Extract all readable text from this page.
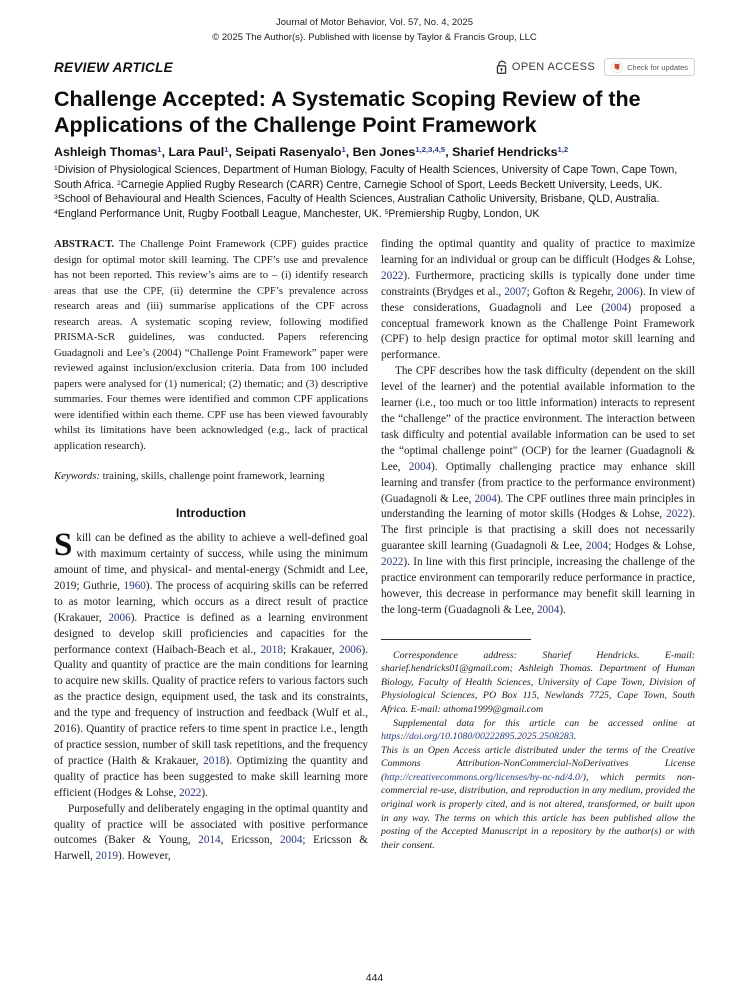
Journal of Motor Behavior, Vol. 57, No. 4, 2025
© 2025 The Author(s). Published with license by Taylor & Francis Group, LLC
REVIEW ARTICLE	OPEN ACCESS	Check for updates
Challenge Accepted: A Systematic Scoping Review of the Applications of the Challenge Point Framework
Ashleigh Thomas$^1$, Lara Paul$^1$, Seipati Rasenyalo$^1$, Ben Jones$^{1,2,3,4,5}$, Sharief Hendricks$^{1,2}$
$^1$Division of Physiological Sciences, Department of Human Biology, Faculty of Health Sciences, University of Cape Town, Cape Town, South Africa. $^2$Carnegie Applied Rugby Research (CARR) Centre, Carnegie School of Sport, Leeds Beckett University, Leeds, UK. $^3$School of Behavioural and Health Sciences, Faculty of Health Sciences, Australian Catholic University, Brisbane, QLD, Australia. $^4$England Performance Unit, Rugby Football League, Manchester, UK. $^5$Premiership Rugby, London, UK

ABSTRACT. The Challenge Point Framework (CPF) guides practice design for optimal motor skill learning. The CPF’s use and prevalence has not been reported. This review’s aims are to – (i) identify research areas that use the CPF, (ii) determine the CPF’s prevalence across research areas and (iii) summarise applications of the CPF across research areas. A systematic scoping review, following modified PRISMA-ScR guidelines, was conducted. Papers referencing Guadagnoli and Lee’s (2004) “Challenge Point Framework” paper were reviewed against inclusion/exclusion criteria. Data from 100 included papers were analysed for (1) numerical; (2) thematic; and (3) descriptive summaries. Four themes were identified and common CPF applications were identified within each theme. CPF use has been viewed favourably whilst its limitations have been acknowledged (e.g., lack of practical application research).

Keywords: training, skills, challenge point framework, learning

Introduction

Skill can be defined as the ability to achieve a well-defined goal with maximum certainty of success, while using the minimum amount of time, and physical- and mental-energy (Schmidt and Lee, 2019; Guthrie, 1960). The process of acquiring skills can be referred to as motor learning, which occurs as a direct result of practice (Krakauer, 2006). Practice is defined as a learning environment designed to develop skill proficiencies and capacities for the performance context (Haibach-Beach et al., 2018; Krakauer, 2006). Quality and quantity of practice are the main conditions for learning to acquire new skills. Quality of practice refers to various factors such as the practice design, equipment used, the task and its constraints, and the type and frequency of instruction and feedback (Wulf et al., 2016). Quantity of practice refers to time spent in practice i.e., length of practice session, number of skill task repetitions, and the frequency of practice (Haith & Krakauer, 2018). Optimizing the quantity and quality of practice has been suggested to make skill learning more efficient (Hodges & Lohse, 2022).

Purposefully and deliberately engaging in the optimal quantity and quality of practice will be associated with positive performance outcomes (Baker & Young, 2014, Ericsson, 2004; Ericsson & Harwell, 2019). However,

finding the optimal quantity and quality of practice to maximize learning for an individual or group can be difficult (Hodges & Lohse, 2022). Furthermore, practicing skills is typically done under time constraints (Brydges et al., 2007; Gofton & Regehr, 2006). In view of these considerations, Guadagnoli and Lee (2004) proposed a conceptual framework known as the Challenge Point Framework (CPF) to help design practice for optimal motor skill learning and performance.

The CPF describes how the task difficulty (dependent on the skill level of the learner) and the potential available information to the learner (i.e., too much or too little information) interacts to represent the “challenge” of the practice environment. The interaction between task difficulty and potential available information can be used to set the “optimal challenge point" (OCP) for the learner (Guadagnoli & Lee, 2004). Optimally challenging practice may enhance skill learning and transfer (from practice to the performance environment) (Guadagnoli & Lee, 2004). The CPF outlines three main principles in understanding the learning of motor skills (Hodges & Lohse, 2022). The first principle is that practising a skill does not necessarily guarantee skill learning (Guadagnoli & Lee, 2004; Hodges & Lohse, 2022). In line with this first principle, increasing the challenge of the practice environment can temporarily reduce performance in practice, however, this decrease in performance may benefit skill learning in the long-term (Guadagnoli & Lee, 2004).

Correspondence address: Sharief Hendricks. E-mail: sharief.hendricks01@gmail.com; Ashleigh Thomas. Department of Human Biology, Faculty of Health Sciences, University of Cape Town, Division of Physiological Sciences, PO Box 115, Newlands 7725, Cape Town, South Africa. E-mail: athoma1999@gmail.com

Supplemental data for this article can be accessed online at https://doi.org/10.1080/00222895.2025.2508283.

This is an Open Access article distributed under the terms of the Creative Commons Attribution-NonCommercial-NoDerivatives License (http://creativecommons.org/licenses/by-nc-nd/4.0/), which permits non-commercial re-use, distribution, and reproduction in any medium, provided the original work is properly cited, and is not altered, transformed, or built upon in any way. The terms on which this article has been published allow the posting of the Accepted Manuscript in a repository by the author(s) or with their consent.

444
